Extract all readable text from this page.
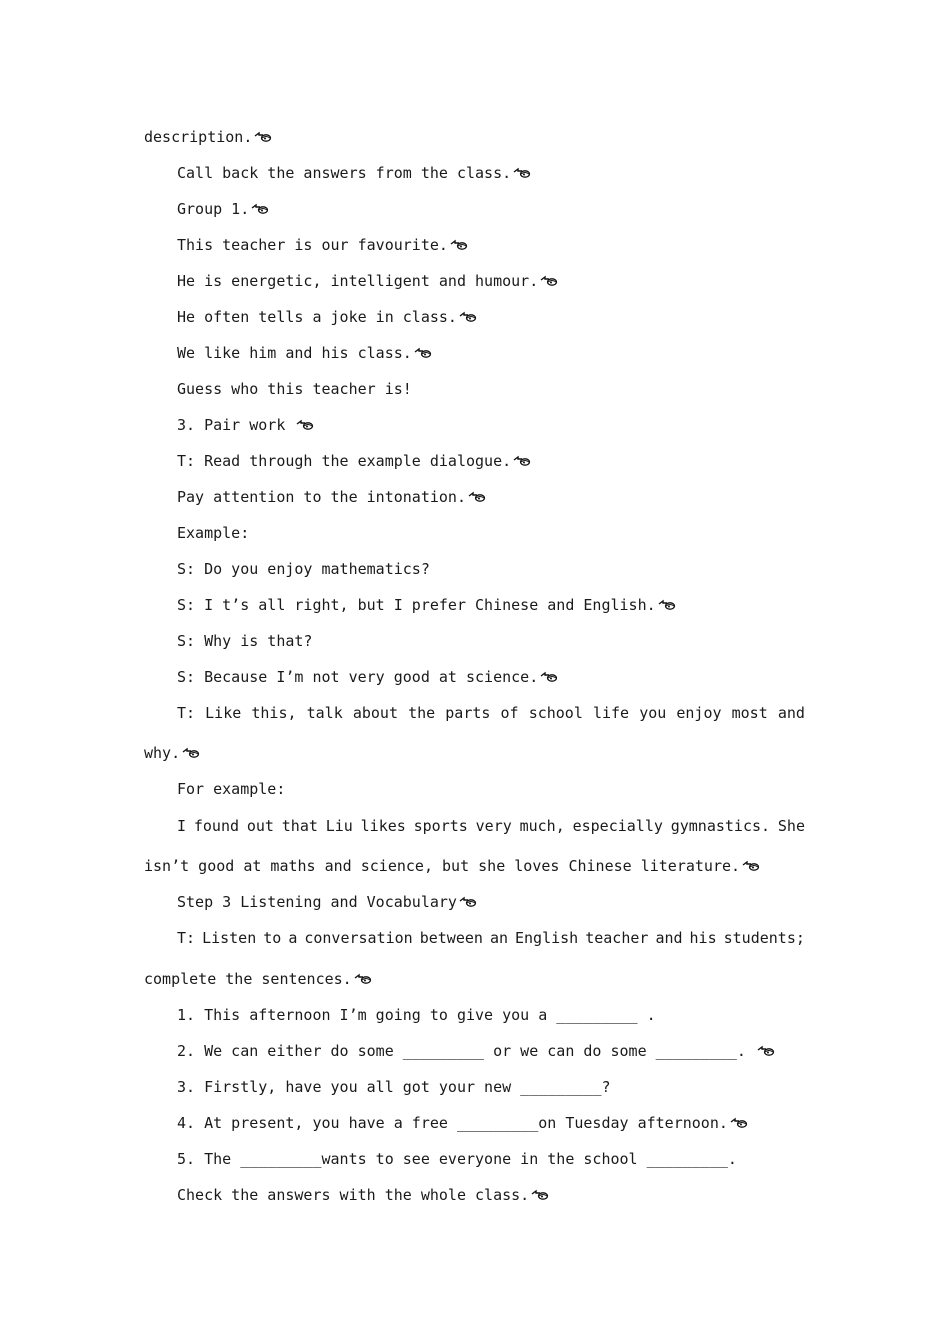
description.
Call back the answers from the class.
Group 1.
This teacher is our favourite.
He is energetic, intelligent and humour.
He often tells a joke in class.
We like him and his class.
Guess who this teacher is!
3. Pair work
T: Read through the example dialogue.
Pay attention to the intonation.
Example:
S: Do you enjoy mathematics?
S: I t’s all right, but I prefer Chinese and English.
S: Why is that?
S: Because I’m not very good at science.
T: Like this, talk about the parts of school life you enjoy most and
why.
For example:
I found out that Liu likes sports very much, especially gymnastics. She
isn’t good at maths and science, but she loves Chinese literature.
Step 3 Listening and Vocabulary
T: Listen to a conversation between an English teacher and his students;
complete the sentences.
1. This afternoon I’m going to give you a _________ .
2. We can either do some _________ or we can do some _________.
3. Firstly, have you all got your new _________?
4. At present, you have a free _________on Tuesday afternoon.
5. The _________wants to see everyone in the school _________.
Check the answers with the whole class.
